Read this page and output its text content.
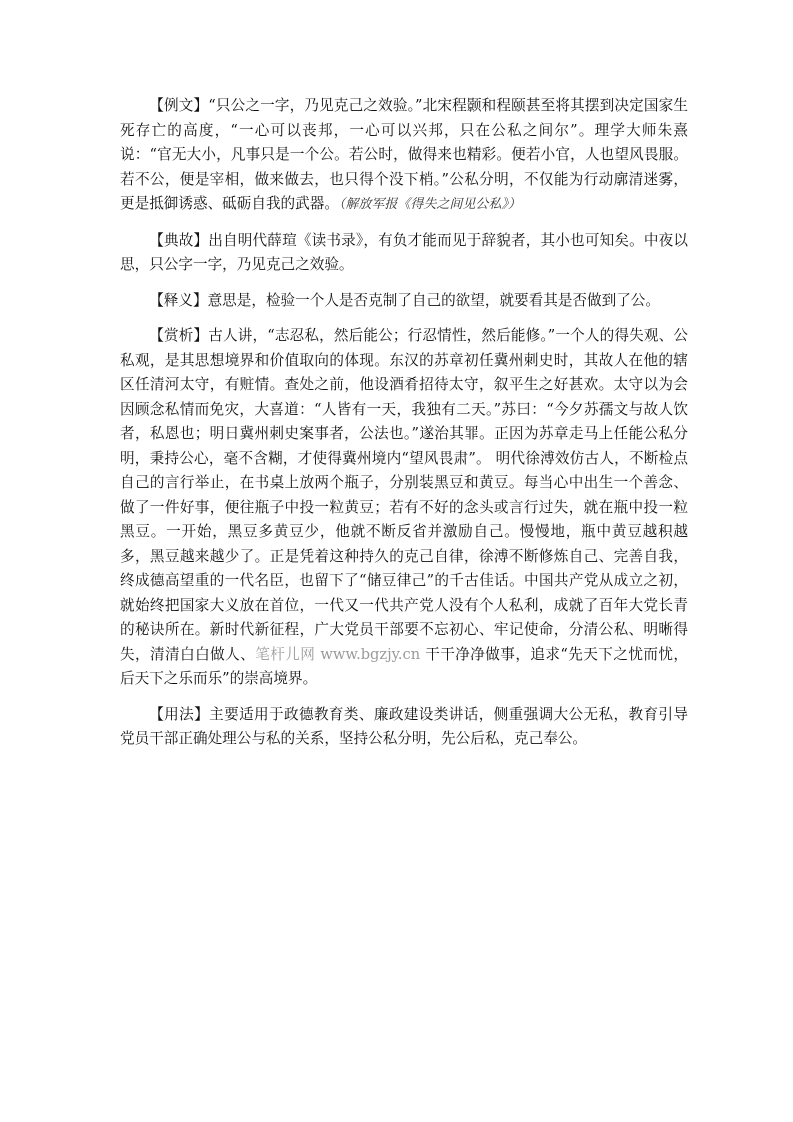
【例文】“只公之一字，乃见克己之效验。”北宋程颢和程颐甚至将其摆到决定国家生死存亡的高度，“一心可以丧邦，一心可以兴邦，只在公私之间尔”。理学大师朱熹说：“官无大小，凡事只是一个公。若公时，做得来也精彩。便若小官，人也望风畏服。若不公，便是宰相，做来做去，也只得个没下梢。”公私分明，不仅能为行动廓清迷雾，更是抵御诱惑、砥砺自我的武器。（解放军报《得失之间见公私》）

【典故】出自明代薛瑄《读书录》，有负才能而见于辞貌者，其小也可知矣。中夜以思，只公字一字，乃见克己之效验。

【释义】意思是，检验一个人是否克制了自己的欲望，就要看其是否做到了公。

【赏析】古人讲，“志忍私，然后能公；行忍情性，然后能修。”一个人的得失观、公私观，是其思想境界和价值取向的体现。东汉的苏章初任冀州刺史时，其故人在他的辖区任清河太守，有赃情。查处之前，他设酒肴招待太守，叙平生之好甚欢。太守以为会因顾念私情而免灾，大喜道：“人皆有一天，我独有二天。”苏曰：“今夕苏孺文与故人饮者，私恩也；明日冀州刺史案事者，公法也。”遂治其罪。正因为苏章走马上任能公私分明，秉持公心，毫不含糊，才使得冀州境内“望风畏肃”。 明代徐溥效仿古人，不断检点自己的言行举止，在书桌上放两个瓶子，分别装黑豆和黄豆。每当心中出生一个善念、做了一件好事，便往瓶子中投一粒黄豆；若有不好的念头或言行过失，就在瓶中投一粒黑豆。一开始，黑豆多黄豆少，他就不断反省并激励自己。慢慢地，瓶中黄豆越积越多，黑豆越来越少了。正是凭着这种持久的克己自律，徐溥不断修炼自己、完善自我，终成德高望重的一代名臣，也留下了“储豆律己”的千古佳话。中国共产党从成立之初，就始终把国家大义放在首位，一代又一代共产党人没有个人私利，成就了百年大党长青的秘诀所在。新时代新征程，广大党员干部要不忘初心、牢记使命，分清公私、明晰得失，清清白白做人、笔杆儿网 www.bgzjy.cn 干干净净做事，追求“先天下之忧而忧，后天下之乐而乐”的崇高境界。

【用法】主要适用于政德教育类、廉政建设类讲话，侧重强调大公无私，教育引导党员干部正确处理公与私的关系，坚持公私分明，先公后私，克己奉公。
